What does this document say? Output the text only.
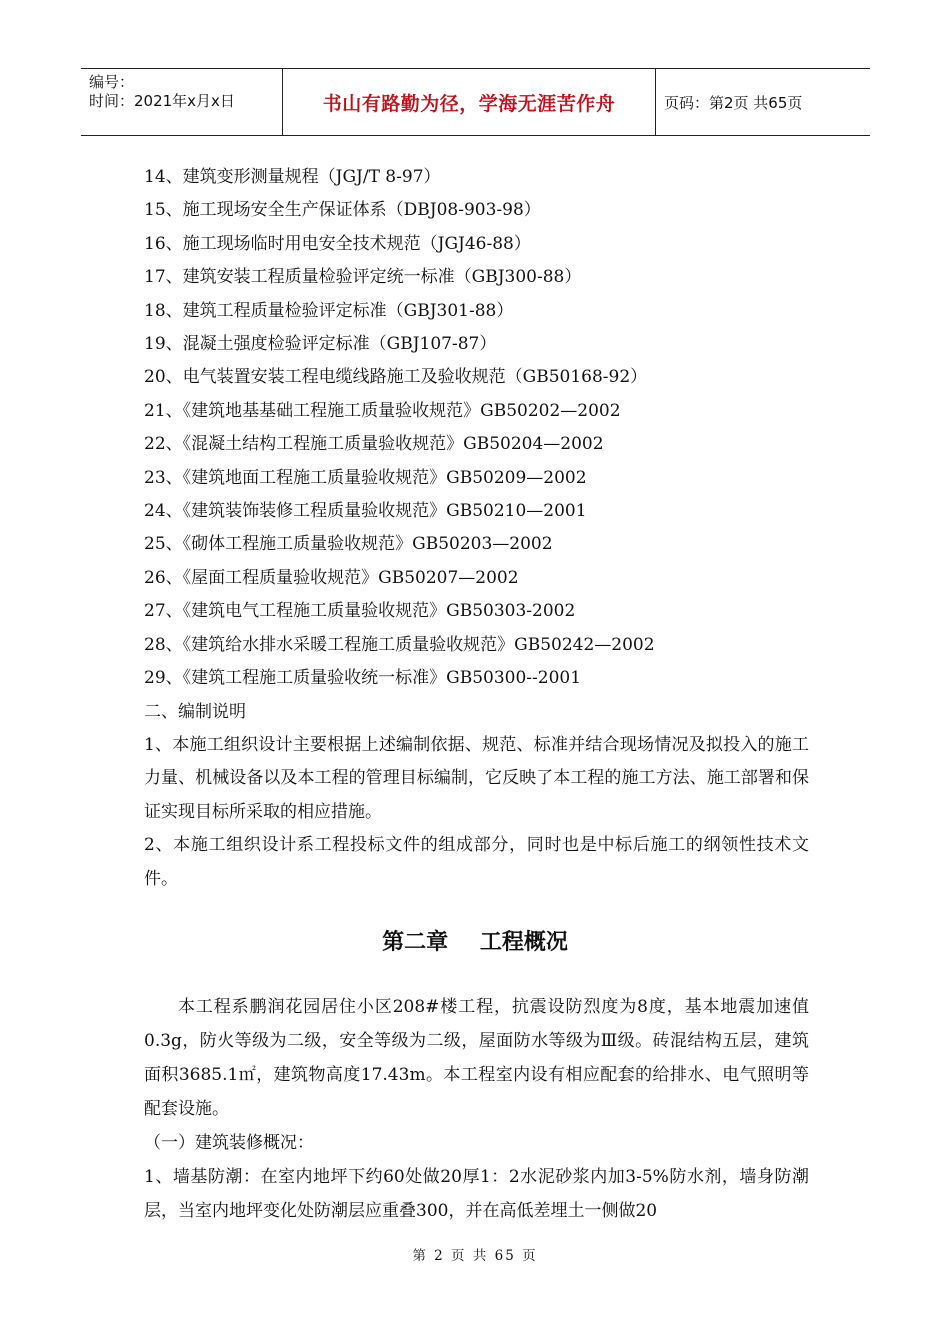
编号：
时间：2021年x月x日	书山有路勤为径，学海无涯苦作舟	页码：第2页 共65页
14、建筑变形测量规程（JGJ/T 8-97）
15、施工现场安全生产保证体系（DBJ08-903-98）
16、施工现场临时用电安全技术规范（JGJ46-88）
17、建筑安装工程质量检验评定统一标准（GBJ300-88）
18、建筑工程质量检验评定标准（GBJ301-88）
19、混凝土强度检验评定标准（GBJ107-87）
20、电气装置安装工程电缆线路施工及验收规范（GB50168-92）
21、《建筑地基基础工程施工质量验收规范》GB50202—2002
22、《混凝土结构工程施工质量验收规范》GB50204—2002
23、《建筑地面工程施工质量验收规范》GB50209—2002
24、《建筑装饰装修工程质量验收规范》GB50210—2001
25、《砌体工程施工质量验收规范》GB50203—2002
26、《屋面工程质量验收规范》GB50207—2002
27、《建筑电气工程施工质量验收规范》GB50303-2002
28、《建筑给水排水采暖工程施工质量验收规范》GB50242—2002
29、《建筑工程施工质量验收统一标准》GB50300--2001
二、编制说明
1、本施工组织设计主要根据上述编制依据、规范、标准并结合现场情况及拟投入的施工力量、机械设备以及本工程的管理目标编制，它反映了本工程的施工方法、施工部署和保证实现目标所采取的相应措施。
2、本施工组织设计系工程投标文件的组成部分，同时也是中标后施工的纲领性技术文件。
第二章 工程概况
本工程系鹏润花园居住小区208#楼工程，抗震设防烈度为8度，基本地震加速值0.3g，防火等级为二级，安全等级为二级，屋面防水等级为Ⅲ级。砖混结构五层，建筑面积3685.1㎡，建筑物高度17.43m。本工程室内设有相应配套的给排水、电气照明等配套设施。
（一）建筑装修概况：
1、墙基防潮：在室内地坪下约60处做20厚1：2水泥砂浆内加3-5%防水剂，墙身防潮层，当室内地坪变化处防潮层应重叠300，并在高低差埋土一侧做20
第 2 页 共 65 页
